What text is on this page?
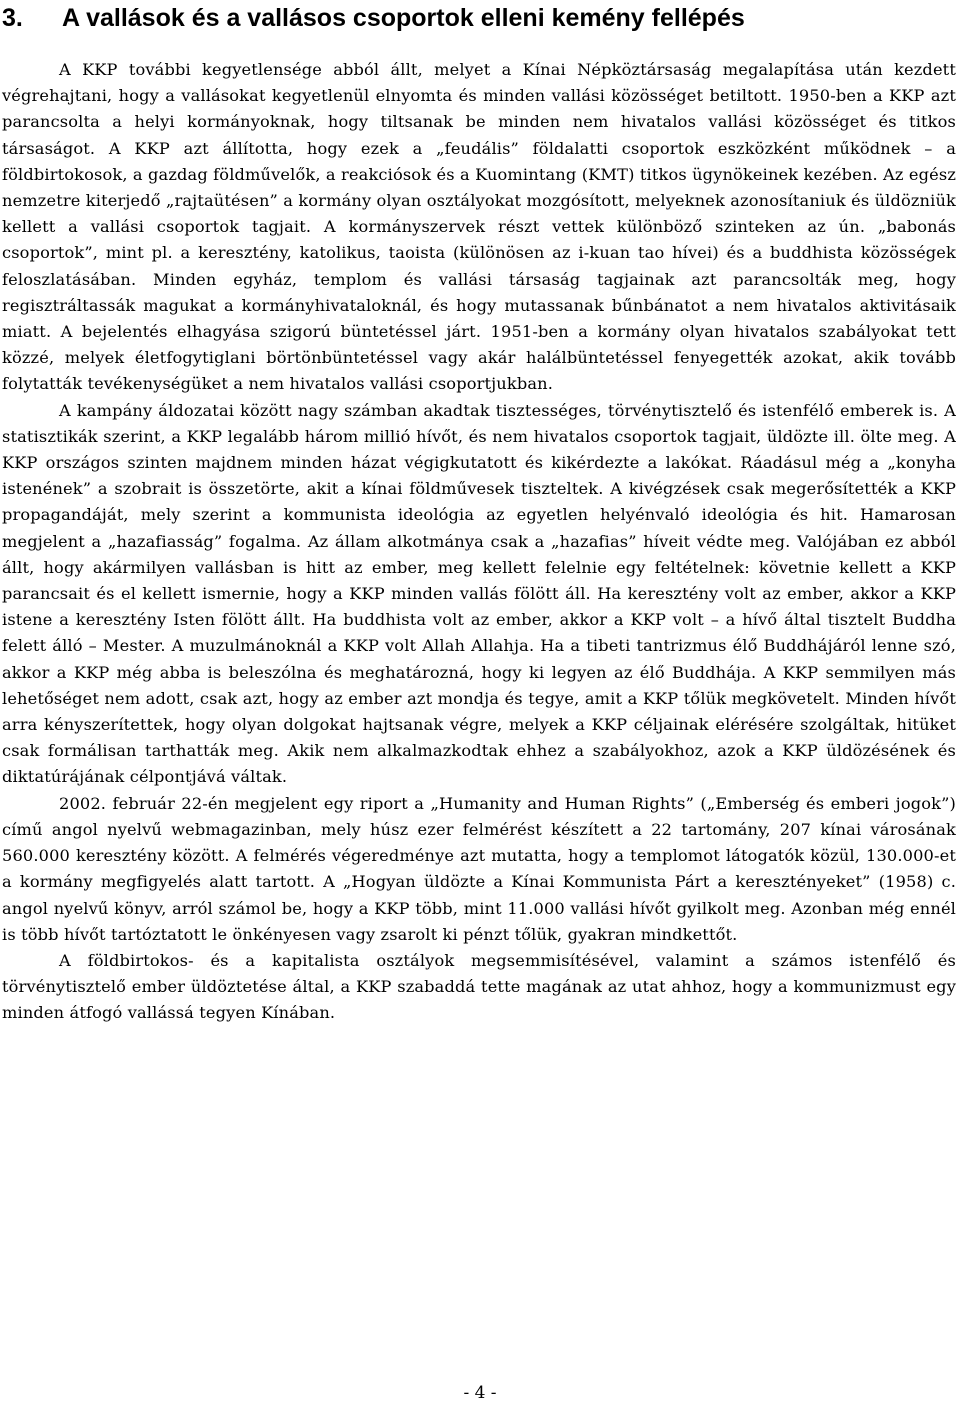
3. A vallások és a vallásos csoportok elleni kemény fellépés

A KKP további kegyetlensége abból állt, melyet a Kínai Népköztársaság megalapítása után kezdett végrehajtani, hogy a vallásokat kegyetlenül elnyomta és minden vallási közösséget betiltott. 1950-ben a KKP azt parancsolta a helyi kormányoknak, hogy tiltsanak be minden nem hivatalos vallási közösséget és titkos társaságot. A KKP azt állította, hogy ezek a „feudális” földalatti csoportok eszközként működnek – a földbirtokosok, a gazdag földművelők, a reakciósok és a Kuomintang (KMT) titkos ügynökeinek kezében. Az egész nemzetre kiterjedő „rajtaütésen” a kormány olyan osztályokat mozgósított, melyeknek azonosítaniuk és üldözniük kellett a vallási csoportok tagjait. A kormányszervek részt vettek különböző szinteken az ún. „babonás csoportok”, mint pl. a keresztény, katolikus, taoista (különösen az i-kuan tao hívei) és a buddhista közösségek feloszlatásában. Minden egyház, templom és vallási társaság tagjainak azt parancsolták meg, hogy regisztráltassák magukat a kormányhivataloknál, és hogy mutassanak bűnbánatot a nem hivatalos aktivitásaik miatt. A bejelentés elhagyása szigorú büntetéssel járt. 1951-ben a kormány olyan hivatalos szabályokat tett közzé, melyek életfogytiglani börtönbüntetéssel vagy akár halálbüntetéssel fenyegették azokat, akik tovább folytatták tevékenységüket a nem hivatalos vallási csoportjukban.

A kampány áldozatai között nagy számban akadtak tisztességes, törvénytisztelő és istenfélő emberek is. A statisztikák szerint, a KKP legalább három millió hívőt, és nem hivatalos csoportok tagjait, üldözte ill. ölte meg. A KKP országos szinten majdnem minden házat végigkutatott és kikérdezte a lakókat. Ráadásul még a „konyha istenének” a szobrait is összetörte, akit a kínai földművesek tiszteltek. A kivégzések csak megerősítették a KKP propagandáját, mely szerint a kommunista ideológia az egyetlen helyénvaló ideológia és hit. Hamarosan megjelent a „hazafiasság” fogalma. Az állam alkotmánya csak a „hazafias” híveit védte meg. Valójában ez abból állt, hogy akármilyen vallásban is hitt az ember, meg kellett felelnie egy feltételnek: követnie kellett a KKP parancsait és el kellett ismernie, hogy a KKP minden vallás fölött áll. Ha keresztény volt az ember, akkor a KKP istene a keresztény Isten fölött állt. Ha buddhista volt az ember, akkor a KKP volt – a hívő által tisztelt Buddha felett álló – Mester. A muzulmánoknál a KKP volt Allah Allahja. Ha a tibeti tantrizmus élő Buddhájáról lenne szó, akkor a KKP még abba is beleszólna és meghatározná, hogy ki legyen az élő Buddhája. A KKP semmilyen más lehetőséget nem adott, csak azt, hogy az ember azt mondja és tegye, amit a KKP tőlük megkövetelt. Minden hívőt arra kényszerítettek, hogy olyan dolgokat hajtsanak végre, melyek a KKP céljainak elérésére szolgáltak, hitüket csak formálisan tarthatták meg. Akik nem alkalmazkodtak ehhez a szabályokhoz, azok a KKP üldözésének és diktatúrájának célpontjává váltak.

2002. február 22-én megjelent egy riport a „Humanity and Human Rights” („Emberség és emberi jogok”) című angol nyelvű webmagazinban, mely húsz ezer felmérést készített a 22 tartomány, 207 kínai városának 560.000 keresztény között. A felmérés végeredménye azt mutatta, hogy a templomot látogatók közül, 130.000-et a kormány megfigyelés alatt tartott. A „Hogyan üldözte a Kínai Kommunista Párt a keresztényeket” (1958) c. angol nyelvű könyv, arról számol be, hogy a KKP több, mint 11.000 vallási hívőt gyilkolt meg. Azonban még ennél is több hívőt tartóztatott le önkényesen vagy zsarolt ki pénzt tőlük, gyakran mindkettőt.

A földbirtokos- és a kapitalista osztályok megsemmisítésével, valamint a számos istenfélő és törvénytisztelő ember üldöztetése által, a KKP szabaddá tette magának az utat ahhoz, hogy a kommunizmust egy minden átfogó vallássá tegyen Kínában.

- 4 -
